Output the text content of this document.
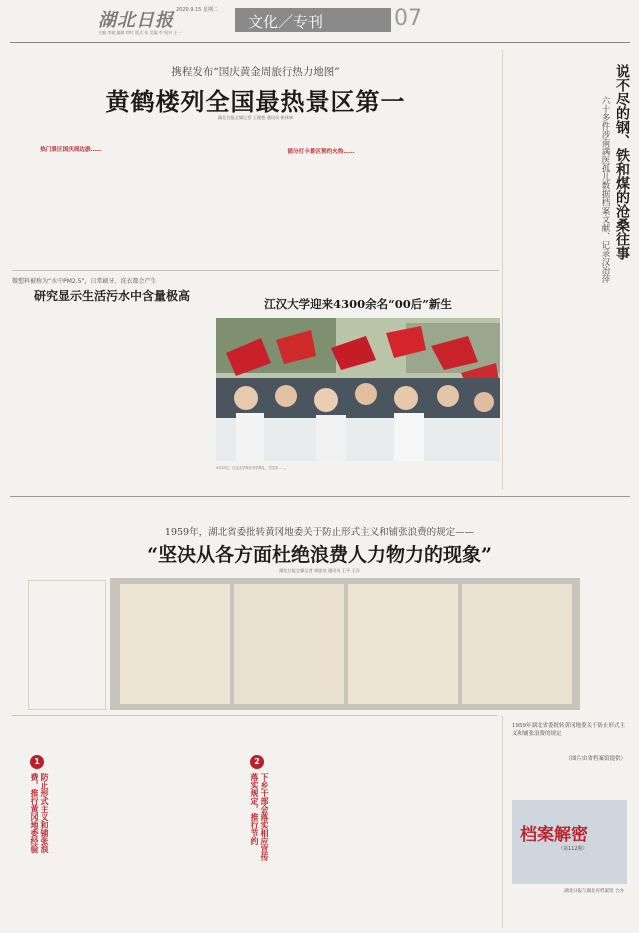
湖北日报 2020.9.15 星期二
主编 李斌 编辑 徐红 版式 张 美编 李 校对 王一
文化／专刊	07
携程发布“国庆黄金周旅行热力地图”
黄鹤楼列全国最热景区第一
湖北日报全媒记者 王理想 通讯员 崔林林
热门景区国庆周边游……	部分打卡景区预约火热……	说不尽的钢、铁和煤的沧桑往事
六十多件涉南满医孤儿数据档案文献、记录汉冶萍
微塑料被称为“水中PM2.5”，日常刷牙、洗衣都会产生
研究显示生活污水中含量极高
江汉大学迎来4300余名“00后”新生
9月15日，江汉大学举办开学典礼，学生们……。
1959年，湖北省委批转黄冈地委关于防止形式主义和铺张浪费的规定——
“坚决从各方面杜绝浪费人力物力的现象”
湖北日报全媒记者 周思亮 通讯员 王平 王洋
1
防止形式主义和铺张浪费，推行黄冈地委经验
2
下乡干部会落实相应宣传落实规定，推行节约
1959年湖北省委批转黄冈地委关于防止形式主义和铺张浪费的规定
（图片由省档案馆提供）
档案解密
（第112期）
湖北日报与湖北省档案馆 合办
